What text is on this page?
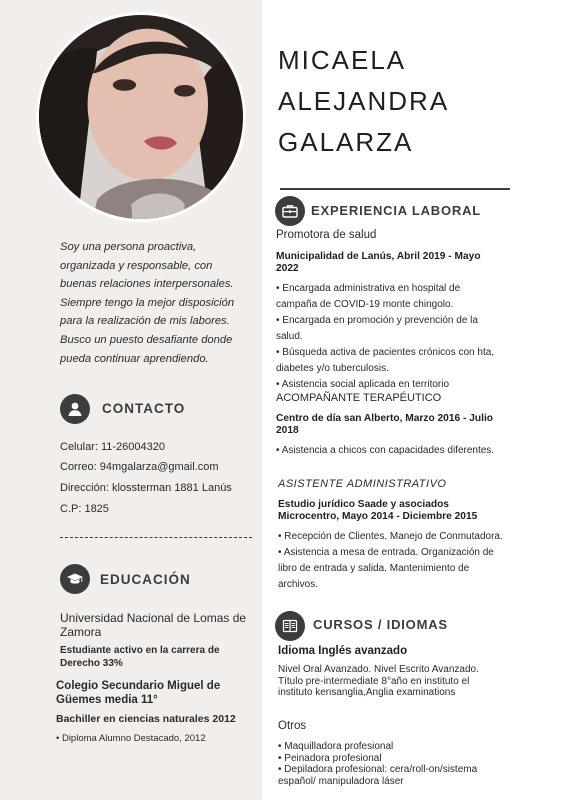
Soy una persona proactiva, organizada y responsable, con buenas relaciones interpersonales. Siempre tengo la mejor disposición para la realización de mis labores. Busco un puesto desafiante donde pueda continuar aprendiendo.
CONTACTO
Celular: 11-26004320
Correo: 94mgalarza@gmail.com
Dirección: klossterman 1881 Lanús
C.P: 1825
EDUCACIÓN
Universidad Nacional de Lomas de Zamora
Estudiante activo en la carrera de Derecho 33%
Colegio Secundario Miguel de Güemes media 11°
Bachiller en ciencias naturales 2012
• Diploma Alumno Destacado, 2012
MICAELA
ALEJANDRA
GALARZA
EXPERIENCIA LABORAL
Promotora de salud
Municipalidad de Lanús, Abril 2019 - Mayo 2022
• Encargada administrativa en hospital de campaña de COVID-19 monte chingolo.
• Encargada en promoción y prevención de la salud.
• Búsqueda activa de pacientes crónicos con hta, diabetes y/o tuberculosis.
• Asistencia social aplicada en territorio
ACOMPAÑANTE TERAPÉUTICO
Centro de día san Alberto, Marzo 2016 - Julio 2018
• Asistencia a chicos con capacidades diferentes.
ASISTENTE ADMINISTRATIVO
Estudio jurídico Saade y asociados Microcentro, Mayo 2014 - Diciembre 2015
• Recepción de Clientes. Manejo de Conmutadora.
• Asistencia a mesa de entrada. Organización de libro de entrada y salida. Mantenimiento de archivos.
CURSOS / IDIOMAS
Idioma Inglés avanzado
Nivel Oral Avanzado. Nivel Escrito Avanzado. Título pre-intermediate 8°año en instituto el instituto kensanglia,Anglia examinations
Otros
• Maquilladora profesional
• Peinadora profesional
• Depiladora profesional: cera/roll-on/sistema español/ manipuladora láser
